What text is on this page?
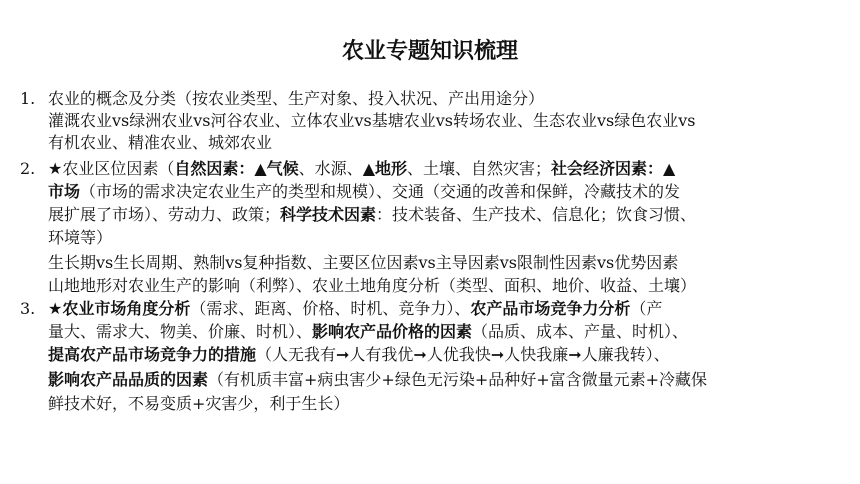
农业专题知识梳理
1. 农业的概念及分类（按农业类型、生产对象、投入状况、产出用途分）
灌溉农业vs绿洲农业vs河谷农业、立体农业vs基塘农业vs转场农业、生态农业vs绿色农业vs
有机农业、精准农业、城郊农业
2. ★农业区位因素（自然因素：▲气候、水源、▲地形、土壤、自然灾害；社会经济因素：▲
市场（市场的需求决定农业生产的类型和规模）、交通（交通的改善和保鲜，冷藏技术的发
展扩展了市场）、劳动力、政策；科学技术因素：技术装备、生产技术、信息化；饮食习惯、
环境等）
生长期vs生长周期、熟制vs复种指数、主要区位因素vs主导因素vs限制性因素vs优势因素
山地地形对农业生产的影响（利弊）、农业土地角度分析（类型、面积、地价、收益、土壤）
3. ★农业市场角度分析（需求、距离、价格、时机、竞争力）、农产品市场竞争力分析（产
量大、需求大、物美、价廉、时机）、影响农产品价格的因素（品质、成本、产量、时机）、
提高农产品市场竞争力的措施（人无我有➞人有我优➞人优我快➞人快我廉➞人廉我转）、
影响农产品品质的因素（有机质丰富+病虫害少+绿色无污染+品种好+富含微量元素+冷藏保
鲜技术好，不易变质+灾害少，利于生长）
